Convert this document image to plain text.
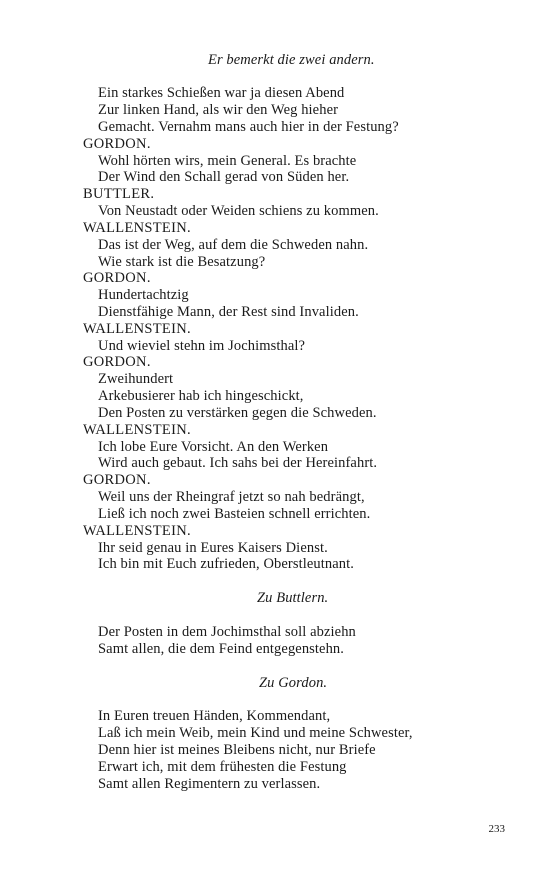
Er bemerkt die zwei andern.
Ein starkes Schießen war ja diesen Abend
Zur linken Hand, als wir den Weg hieher
Gemacht. Vernahm mans auch hier in der Festung?
GORDON.
Wohl hörten wirs, mein General. Es brachte
Der Wind den Schall gerad von Süden her.
BUTTLER.
Von Neustadt oder Weiden schiens zu kommen.
WALLENSTEIN.
Das ist der Weg, auf dem die Schweden nahn.
Wie stark ist die Besatzung?
GORDON.
Hundertachtzig
Dienstfähige Mann, der Rest sind Invaliden.
WALLENSTEIN.
Und wieviel stehn im Jochimsthal?
GORDON.
Zweihundert
Arkebusierer hab ich hingeschickt,
Den Posten zu verstärken gegen die Schweden.
WALLENSTEIN.
Ich lobe Eure Vorsicht. An den Werken
Wird auch gebaut. Ich sahs bei der Hereinfahrt.
GORDON.
Weil uns der Rheingraf jetzt so nah bedrängt,
Ließ ich noch zwei Basteien schnell errichten.
WALLENSTEIN.
Ihr seid genau in Eures Kaisers Dienst.
Ich bin mit Euch zufrieden, Oberstleutnant.
Zu Buttlern.
Der Posten in dem Jochimsthal soll abziehn
Samt allen, die dem Feind entgegenstehn.
Zu Gordon.
In Euren treuen Händen, Kommendant,
Laß ich mein Weib, mein Kind und meine Schwester,
Denn hier ist meines Bleibens nicht, nur Briefe
Erwart ich, mit dem frühesten die Festung
Samt allen Regimentern zu verlassen.
233
